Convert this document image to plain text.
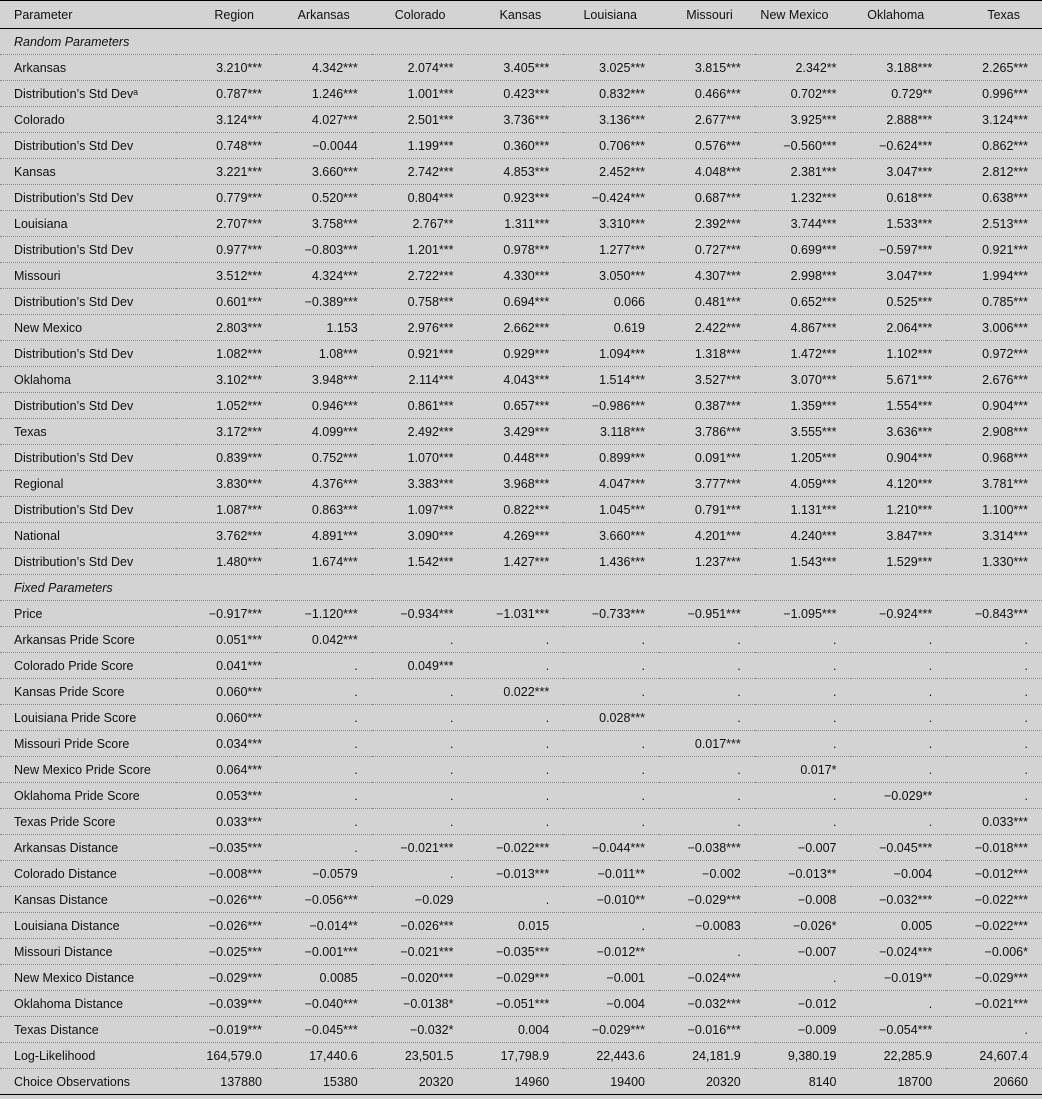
Parameter	Region	Arkansas	Colorado	Kansas	Louisiana	Missouri	New Mexico	Oklahoma	Texas
Random Parameters									
Arkansas	3.210***	4.342***	2.074***	3.405***	3.025***	3.815***	2.342**	3.188***	2.265***
Distribution’s Std Devᵃ	0.787***	1.246***	1.001***	0.423***	0.832***	0.466***	0.702***	0.729**	0.996***
Colorado	3.124***	4.027***	2.501***	3.736***	3.136***	2.677***	3.925***	2.888***	3.124***
Distribution’s Std Dev	0.748***	−0.0044	1.199***	0.360***	0.706***	0.576***	−0.560***	−0.624***	0.862***
Kansas	3.221***	3.660***	2.742***	4.853***	2.452***	4.048***	2.381***	3.047***	2.812***
Distribution’s Std Dev	0.779***	0.520***	0.804***	0.923***	−0.424***	0.687***	1.232***	0.618***	0.638***
Louisiana	2.707***	3.758***	2.767**	1.311***	3.310***	2.392***	3.744***	1.533***	2.513***
Distribution’s Std Dev	0.977***	−0.803***	1.201***	0.978***	1.277***	0.727***	0.699***	−0.597***	0.921***
Missouri	3.512***	4.324***	2.722***	4.330***	3.050***	4.307***	2.998***	3.047***	1.994***
Distribution’s Std Dev	0.601***	−0.389***	0.758***	0.694***	0.066	0.481***	0.652***	0.525***	0.785***
New Mexico	2.803***	1.153	2.976***	2.662***	0.619	2.422***	4.867***	2.064***	3.006***
Distribution’s Std Dev	1.082***	1.08***	0.921***	0.929***	1.094***	1.318***	1.472***	1.102***	0.972***
Oklahoma	3.102***	3.948***	2.114***	4.043***	1.514***	3.527***	3.070***	5.671***	2.676***
Distribution’s Std Dev	1.052***	0.946***	0.861***	0.657***	−0.986***	0.387***	1.359***	1.554***	0.904***
Texas	3.172***	4.099***	2.492***	3.429***	3.118***	3.786***	3.555***	3.636***	2.908***
Distribution’s Std Dev	0.839***	0.752***	1.070***	0.448***	0.899***	0.091***	1.205***	0.904***	0.968***
Regional	3.830***	4.376***	3.383***	3.968***	4.047***	3.777***	4.059***	4.120***	3.781***
Distribution’s Std Dev	1.087***	0.863***	1.097***	0.822***	1.045***	0.791***	1.131***	1.210***	1.100***
National	3.762***	4.891***	3.090***	4.269***	3.660***	4.201***	4.240***	3.847***	3.314***
Distribution’s Std Dev	1.480***	1.674***	1.542***	1.427***	1.436***	1.237***	1.543***	1.529***	1.330***
Fixed Parameters									
Price	−0.917***	−1.120***	−0.934***	−1.031***	−0.733***	−0.951***	−1.095***	−0.924***	−0.843***
Arkansas Pride Score	0.051***	0.042***	.	.	.	.	.	.	.
Colorado Pride Score	0.041***	.	0.049***	.	.	.	.	.	.
Kansas Pride Score	0.060***	.	.	0.022***	.	.	.	.	.
Louisiana Pride Score	0.060***	.	.	.	0.028***	.	.	.	.
Missouri Pride Score	0.034***	.	.	.	.	0.017***	.	.	.
New Mexico Pride Score	0.064***	.	.	.	.	.	0.017*	.	.
Oklahoma Pride Score	0.053***	.	.	.	.	.	.	−0.029**	.
Texas Pride Score	0.033***	.	.	.	.	.	.	.	0.033***
Arkansas Distance	−0.035***	.	−0.021***	−0.022***	−0.044***	−0.038***	−0.007	−0.045***	−0.018***
Colorado Distance	−0.008***	−0.0579	.	−0.013***	−0.011**	−0.002	−0.013**	−0.004	−0.012***
Kansas Distance	−0.026***	−0.056***	−0.029	.	−0.010**	−0.029***	−0.008	−0.032***	−0.022***
Louisiana Distance	−0.026***	−0.014**	−0.026***	0.015	.	−0.0083	−0.026*	0.005	−0.022***
Missouri Distance	−0.025***	−0.001***	−0.021***	−0.035***	−0.012**	.	−0.007	−0.024***	−0.006*
New Mexico Distance	−0.029***	0.0085	−0.020***	−0.029***	−0.001	−0.024***	.	−0.019**	−0.029***
Oklahoma Distance	−0.039***	−0.040***	−0.0138*	−0.051***	−0.004	−0.032***	−0.012	.	−0.021***
Texas Distance	−0.019***	−0.045***	−0.032*	0.004	−0.029***	−0.016***	−0.009	−0.054***	.
Log-Likelihood	164,579.0	17,440.6	23,501.5	17,798.9	22,443.6	24,181.9	9,380.19	22,285.9	24,607.4
Choice Observations	137880	15380	20320	14960	19400	20320	8140	18700	20660
